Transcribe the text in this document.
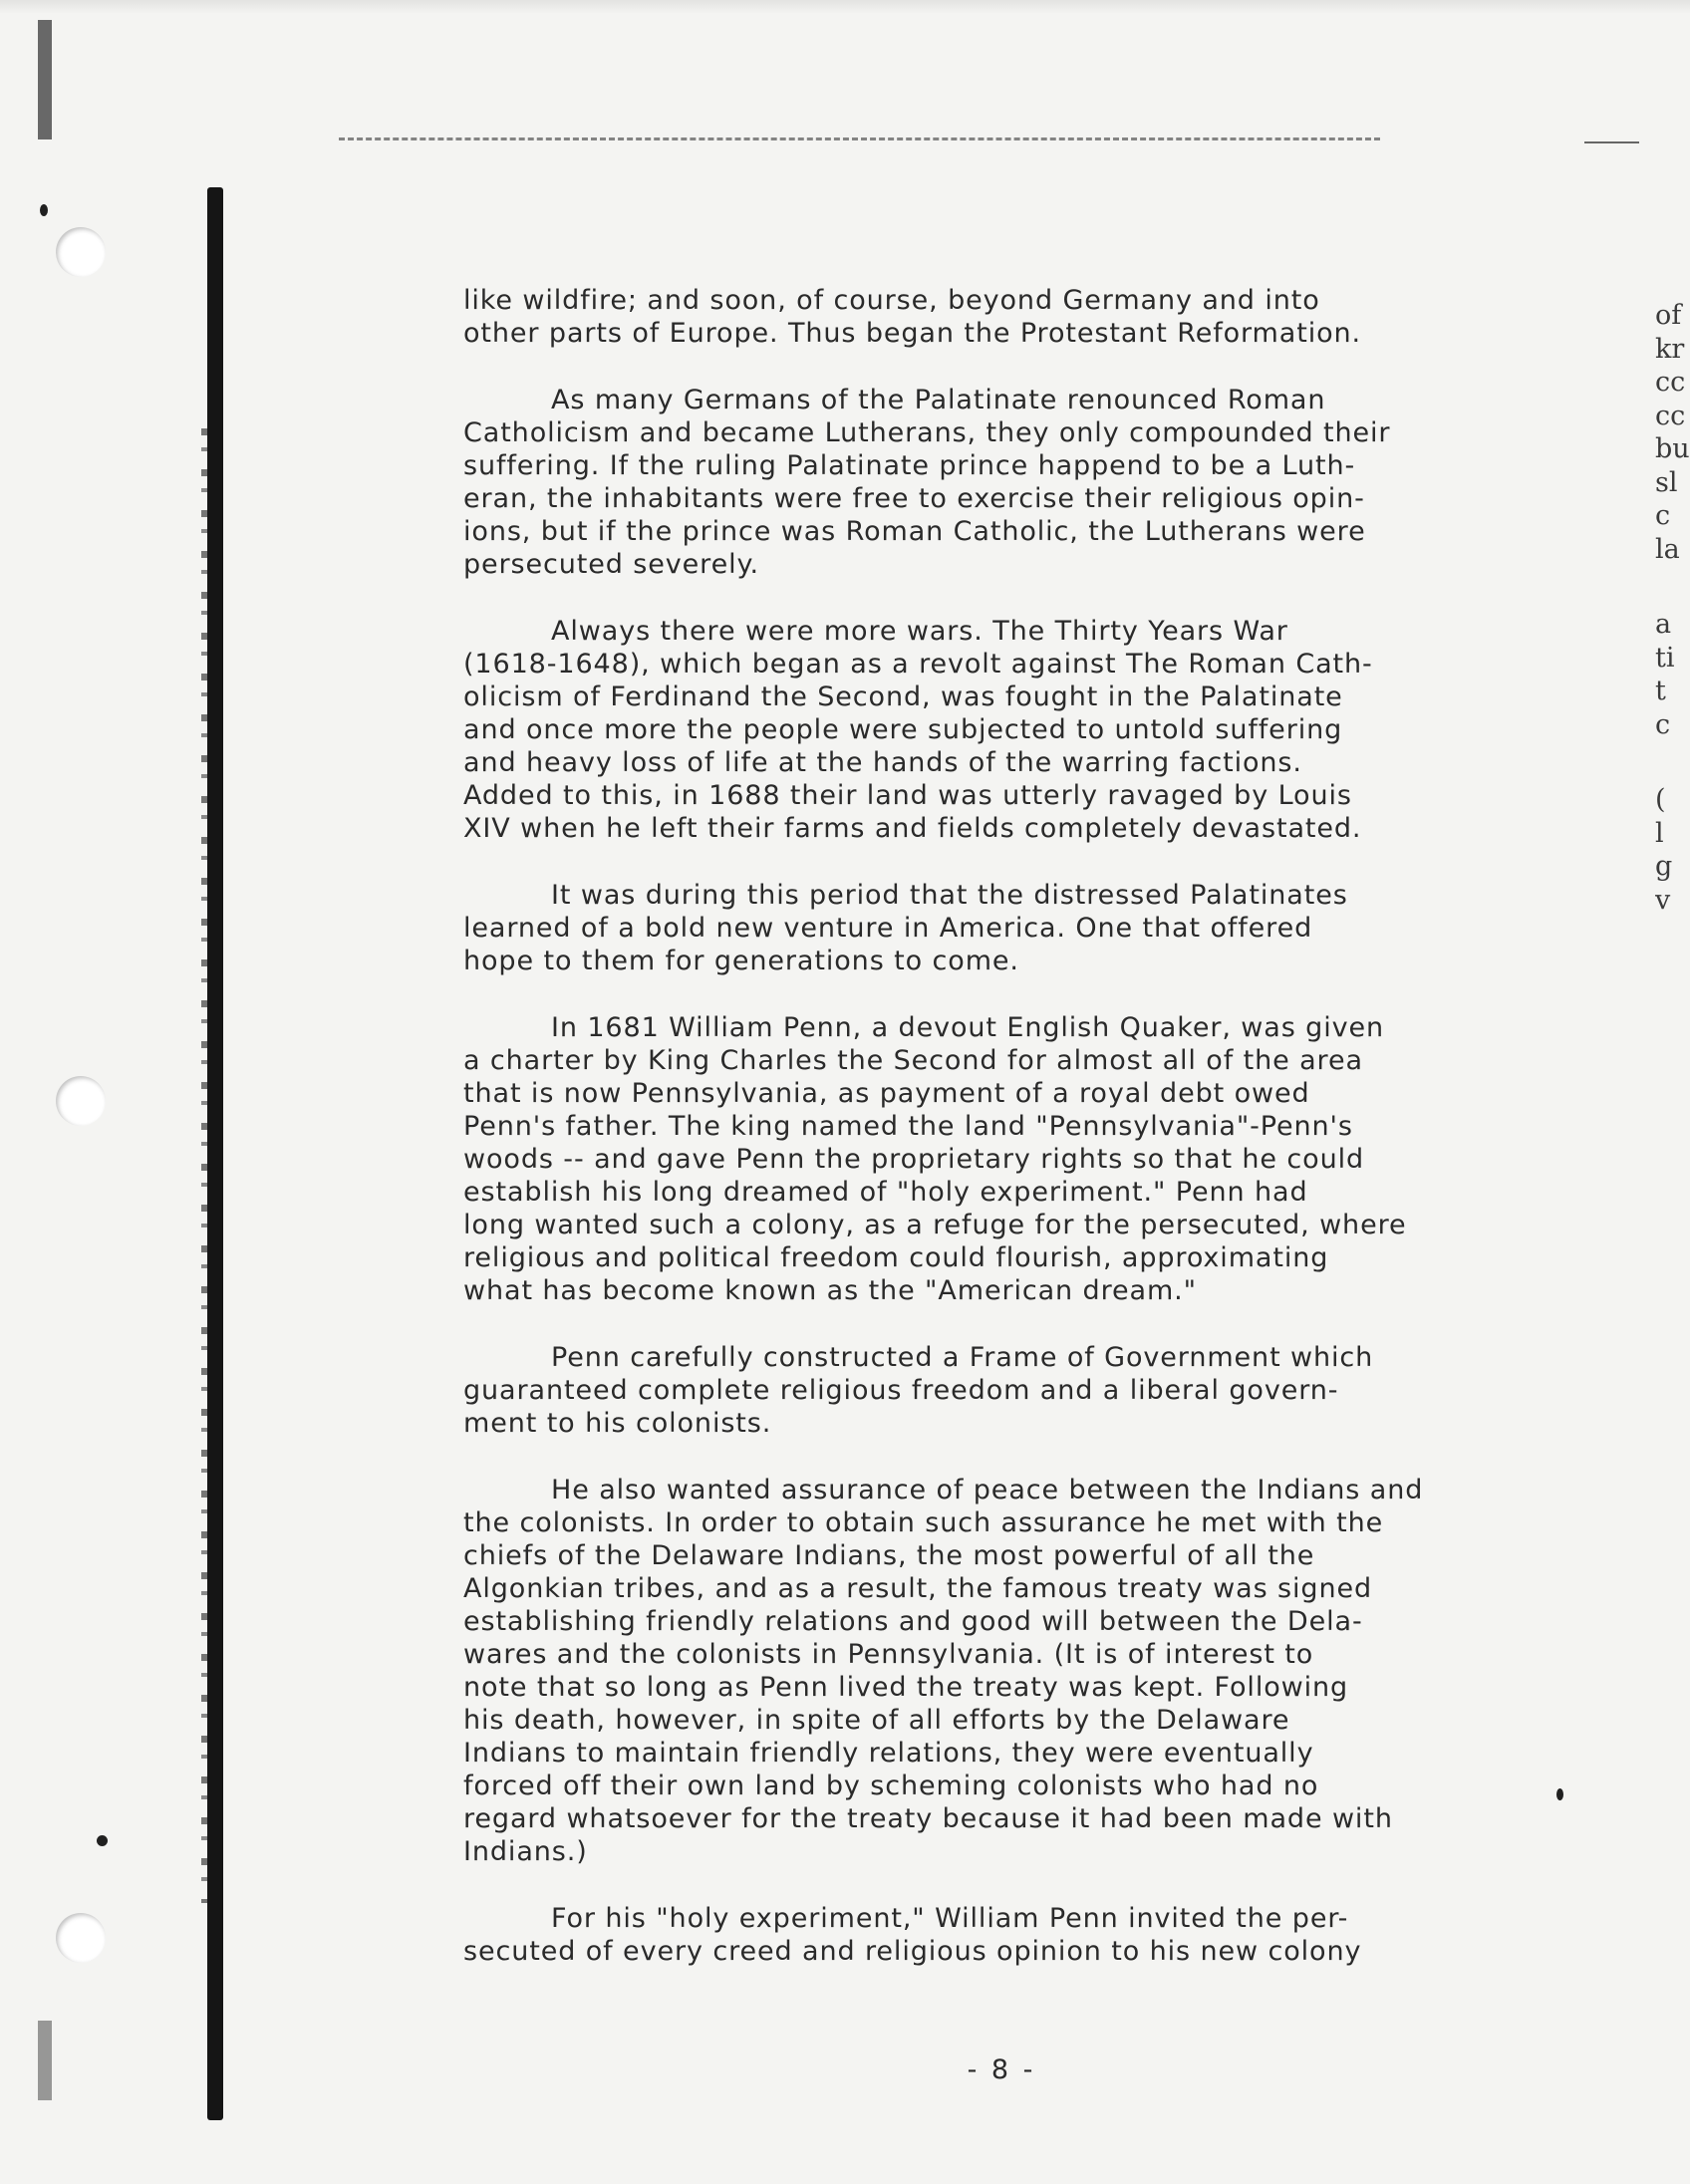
like wildfire; and soon, of course, beyond Germany and into
other parts of Europe. Thus began the Protestant Reformation.
As many Germans of the Palatinate renounced Roman
Catholicism and became Lutherans, they only compounded their
suffering. If the ruling Palatinate prince happend to be a Luth-
eran, the inhabitants were free to exercise their religious opin-
ions, but if the prince was Roman Catholic, the Lutherans were
persecuted severely.
Always there were more wars. The Thirty Years War
(1618-1648), which began as a revolt against The Roman Cath-
olicism of Ferdinand the Second, was fought in the Palatinate
and once more the people were subjected to untold suffering
and heavy loss of life at the hands of the warring factions.
Added to this, in 1688 their land was utterly ravaged by Louis
XIV when he left their farms and fields completely devastated.
It was during this period that the distressed Palatinates
learned of a bold new venture in America. One that offered
hope to them for generations to come.
In 1681 William Penn, a devout English Quaker, was given
a charter by King Charles the Second for almost all of the area
that is now Pennsylvania, as payment of a royal debt owed
Penn's father. The king named the land "Pennsylvania"-Penn's
woods -- and gave Penn the proprietary rights so that he could
establish his long dreamed of "holy experiment." Penn had
long wanted such a colony, as a refuge for the persecuted, where
religious and political freedom could flourish, approximating
what has become known as the "American dream."
Penn carefully constructed a Frame of Government which
guaranteed complete religious freedom and a liberal govern-
ment to his colonists.
He also wanted assurance of peace between the Indians and
the colonists. In order to obtain such assurance he met with the
chiefs of the Delaware Indians, the most powerful of all the
Algonkian tribes, and as a result, the famous treaty was signed
establishing friendly relations and good will between the Dela-
wares and the colonists in Pennsylvania. (It is of interest to
note that so long as Penn lived the treaty was kept. Following
his death, however, in spite of all efforts by the Delaware
Indians to maintain friendly relations, they were eventually
forced off their own land by scheming colonists who had no
regard whatsoever for the treaty because it had been made with
Indians.)
For his "holy experiment," William Penn invited the per-
secuted of every creed and religious opinion to his new colony
- 8 -
of
kr
cc
cc
bu
sl
c
la
a
ti
t
c
(
l
g
v
